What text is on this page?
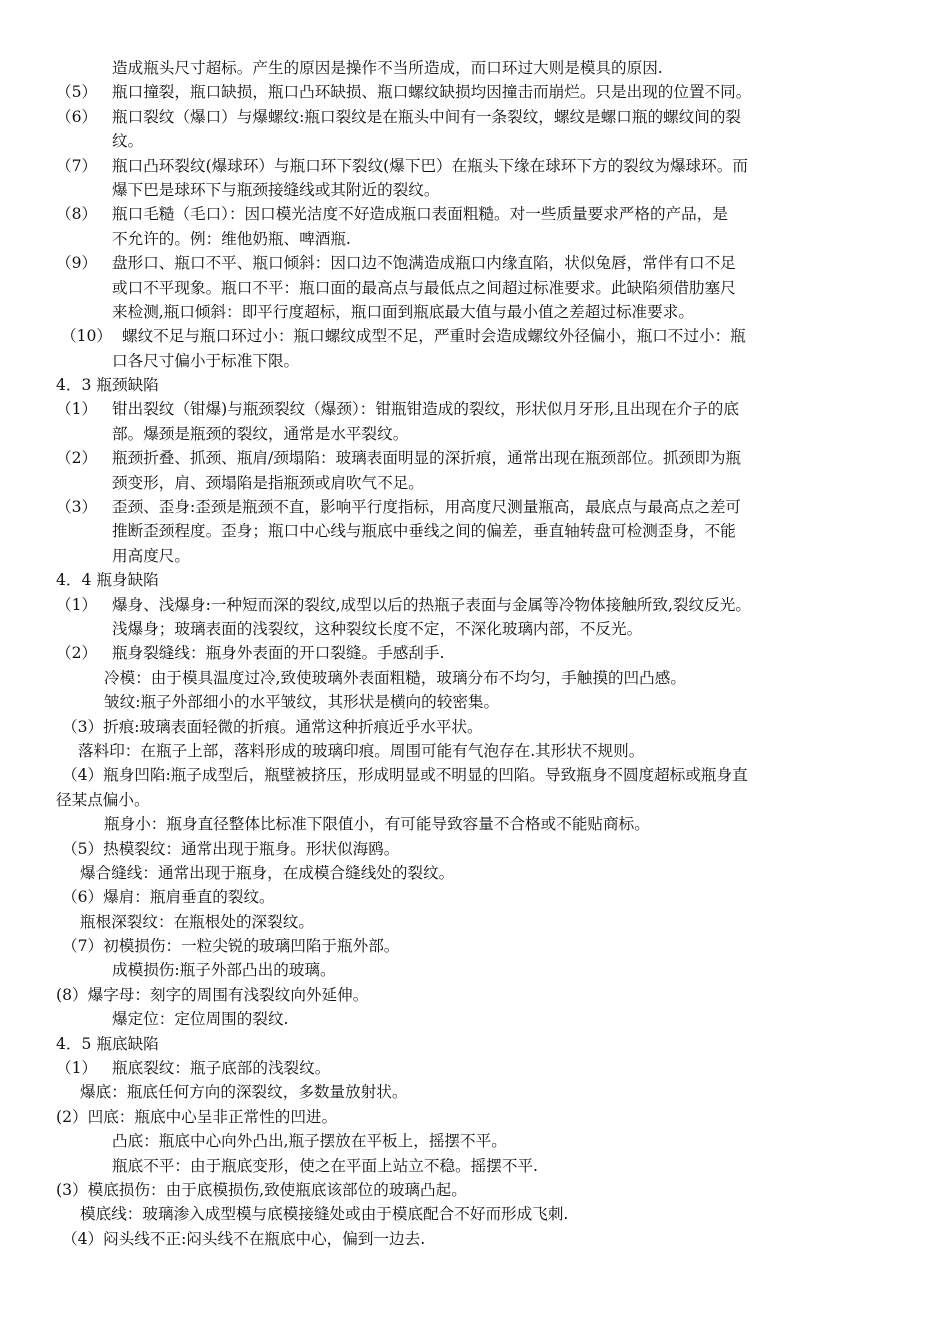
造成瓶头尺寸超标。产生的原因是操作不当所造成，而口环过大则是模具的原因.
（5） 瓶口撞裂，瓶口缺损，瓶口凸环缺损、瓶口螺纹缺损均因撞击而崩烂。只是出现的位置不同。
（6） 瓶口裂纹（爆口）与爆螺纹:瓶口裂纹是在瓶头中间有一条裂纹，螺纹是螺口瓶的螺纹间的裂
纹。
（7） 瓶口凸环裂纹(爆球环）与瓶口环下裂纹(爆下巴）在瓶头下缘在球环下方的裂纹为爆球环。而
爆下巴是球环下与瓶颈接缝线或其附近的裂纹。
（8） 瓶口毛糙（毛口）：因口模光洁度不好造成瓶口表面粗糙。对一些质量要求严格的产品，是
不允许的。例：维他奶瓶、啤酒瓶.
（9） 盘形口、瓶口不平、瓶口倾斜：因口边不饱满造成瓶口内缘直陷，状似兔唇，常伴有口不足
或口不平现象。瓶口不平：瓶口面的最高点与最低点之间超过标准要求。此缺陷须借肋塞尺
来检测,瓶口倾斜：即平行度超标，瓶口面到瓶底最大值与最小值之差超过标准要求。
（10） 螺纹不足与瓶口环过小：瓶口螺纹成型不足，严重时会造成螺纹外径偏小，瓶口不过小：瓶
口各尺寸偏小于标准下限。
4．3 瓶颈缺陷
（1） 钳出裂纹（钳爆)与瓶颈裂纹（爆颈）：钳瓶钳造成的裂纹，形状似月牙形,且出现在介子的底
部。爆颈是瓶颈的裂纹，通常是水平裂纹。
（2） 瓶颈折叠、抓颈、瓶肩/颈塌陷：玻璃表面明显的深折痕，通常出现在瓶颈部位。抓颈即为瓶
颈变形，肩、颈塌陷是指瓶颈或肩吹气不足。
（3） 歪颈、歪身:歪颈是瓶颈不直，影响平行度指标，用高度尺测量瓶高，最底点与最高点之差可
推断歪颈程度。歪身；瓶口中心线与瓶底中垂线之间的偏差，垂直轴转盘可检测歪身，不能
用高度尺。
4．4 瓶身缺陷
（1） 爆身、浅爆身:一种短而深的裂纹,成型以后的热瓶子表面与金属等冷物体接触所致,裂纹反光。
浅爆身；玻璃表面的浅裂纹，这种裂纹长度不定，不深化玻璃内部，不反光。
（2） 瓶身裂缝线：瓶身外表面的开口裂缝。手感刮手.
冷模：由于模具温度过冷,致使玻璃外表面粗糙，玻璃分布不均匀，手触摸的凹凸感。
皱纹:瓶子外部细小的水平皱纹，其形状是横向的较密集。
（3）折痕:玻璃表面轻微的折痕。通常这种折痕近乎水平状。
落料印：在瓶子上部，落料形成的玻璃印痕。周围可能有气泡存在.其形状不规则。
（4）瓶身凹陷:瓶子成型后，瓶壁被挤压，形成明显或不明显的凹陷。导致瓶身不圆度超标或瓶身直
径某点偏小。
瓶身小：瓶身直径整体比标准下限值小，有可能导致容量不合格或不能贴商标。
（5）热模裂纹：通常出现于瓶身。形状似海鸥。
爆合缝线：通常出现于瓶身，在成模合缝线处的裂纹。
（6）爆肩：瓶肩垂直的裂纹。
瓶根深裂纹：在瓶根处的深裂纹。
（7）初模损伤：一粒尖锐的玻璃凹陷于瓶外部。
成模损伤:瓶子外部凸出的玻璃。
(8）爆字母：刻字的周围有浅裂纹向外延伸。
爆定位：定位周围的裂纹.
4．5 瓶底缺陷
（1） 瓶底裂纹：瓶子底部的浅裂纹。
爆底：瓶底任何方向的深裂纹，多数量放射状。
(2）凹底：瓶底中心呈非正常性的凹进。
凸底：瓶底中心向外凸出,瓶子摆放在平板上，摇摆不平。
瓶底不平：由于瓶底变形，使之在平面上站立不稳。摇摆不平.
(3）模底损伤：由于底模损伤,致使瓶底该部位的玻璃凸起。
模底线：玻璃渗入成型模与底模接缝处或由于模底配合不好而形成飞刺.
（4）闷头线不正:闷头线不在瓶底中心，偏到一边去.
